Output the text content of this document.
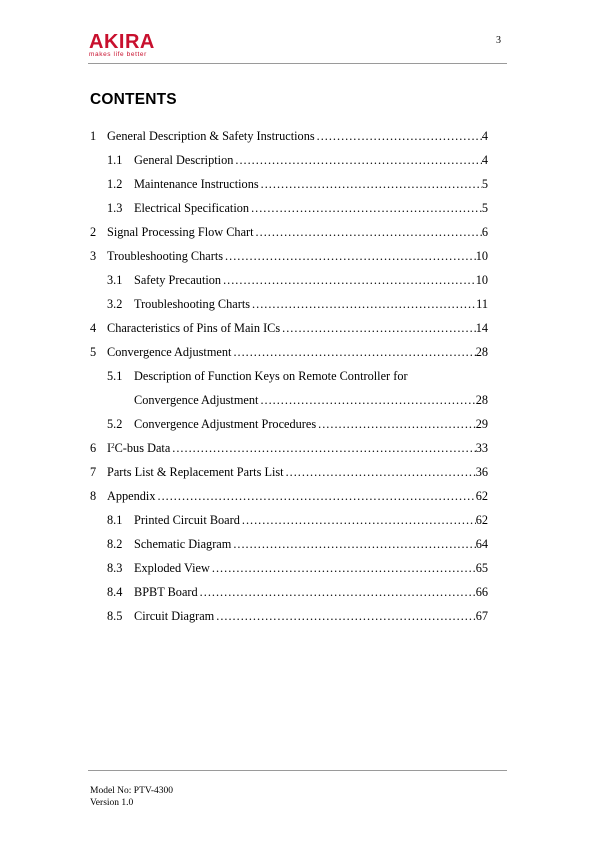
AKIRA
makes life better
3
CONTENTS
1 General Description & Safety Instructions .....	4
1.1 General Description .....	4
1.2 Maintenance Instructions .....	5
1.3 Electrical Specification .....	5
2 Signal Processing Flow Chart .....	6
3 Troubleshooting Charts .....	10
3.1 Safety Precaution .....	10
3.2 Troubleshooting Charts .....	11
4 Characteristics of Pins of Main ICs .....	14
5 Convergence Adjustment .....	28
5.1 Description of Function Keys on Remote Controller for
Convergence Adjustment .....	28
5.2 Convergence Adjustment Procedures .....	29
6 $I^2C$-bus Data .....	33
7 Parts List & Replacement Parts List .....	36
8 Appendix .....	62
8.1 Printed Circuit Board .....	62
8.2 Schematic Diagram .....	64
8.3 Exploded View .....	65
8.4 BPBT Board .....	66
8.5 Circuit Diagram .....	67
Model No: PTV-4300
Version 1.0
